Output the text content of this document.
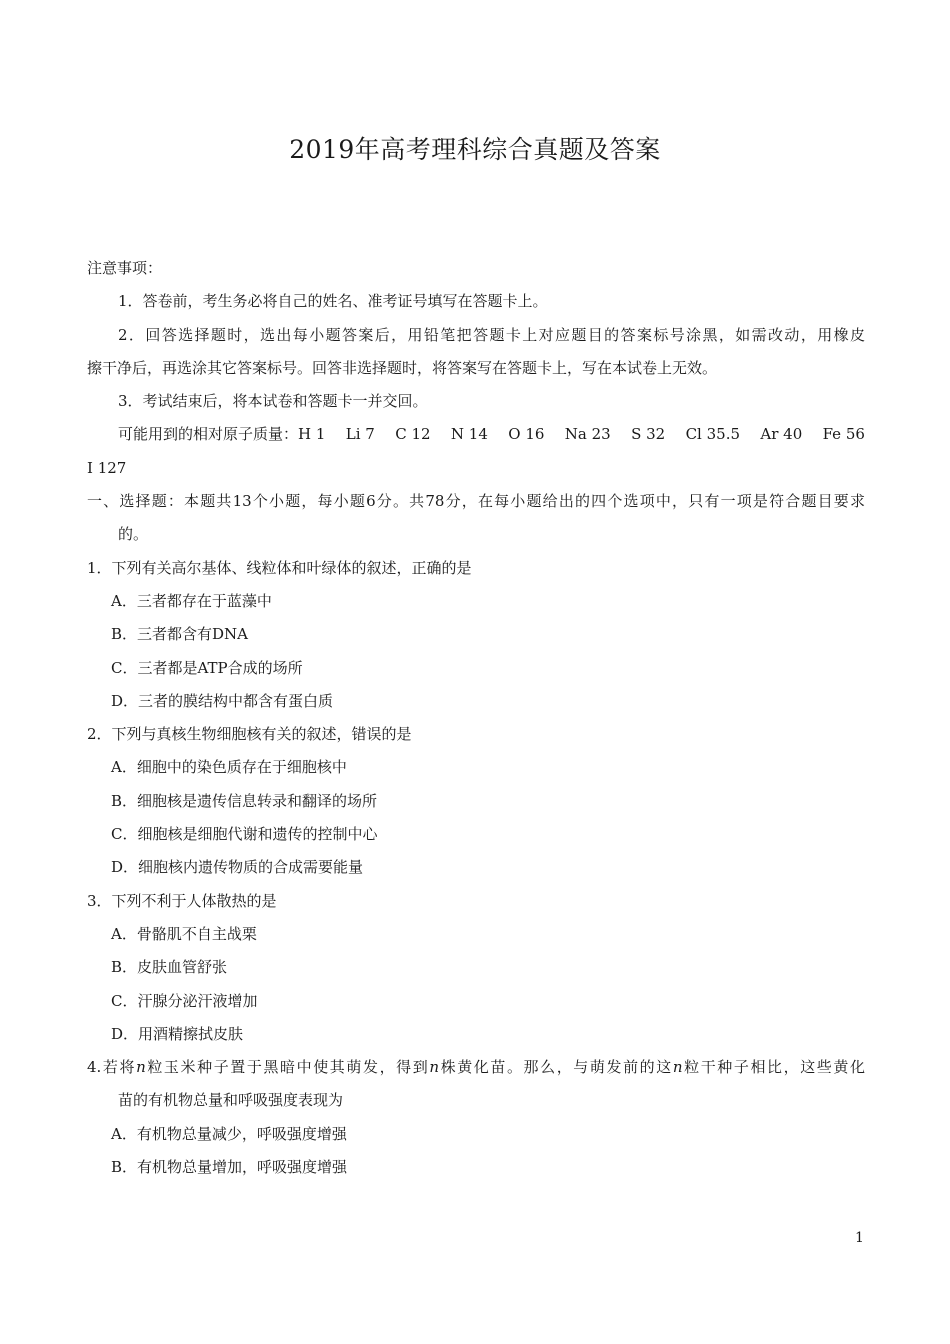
2019年高考理科综合真题及答案
注意事项：
1．答卷前，考生务必将自己的姓名、准考证号填写在答题卡上。
2．回答选择题时，选出每小题答案后，用铅笔把答题卡上对应题目的答案标号涂黑，如需改动，用橡皮
擦干净后，再选涂其它答案标号。回答非选择题时，将答案写在答题卡上，写在本试卷上无效。
3．考试结束后，将本试卷和答题卡一并交回。
可能用到的相对原子质量：H 1 Li 7 C 12 N 14 O 16 Na 23 S 32 Cl 35.5 Ar 40 Fe 56
I 127
一、选择题：本题共13个小题，每小题6分。共78分，在每小题给出的四个选项中，只有一项是符合题目要求
的。
1．下列有关高尔基体、线粒体和叶绿体的叙述，正确的是
A．三者都存在于蓝藻中
B．三者都含有DNA
C．三者都是ATP合成的场所
D．三者的膜结构中都含有蛋白质
2．下列与真核生物细胞核有关的叙述，错误的是
A．细胞中的染色质存在于细胞核中
B．细胞核是遗传信息转录和翻译的场所
C．细胞核是细胞代谢和遗传的控制中心
D．细胞核内遗传物质的合成需要能量
3．下列不利于人体散热的是
A．骨骼肌不自主战栗
B．皮肤血管舒张
C．汗腺分泌汗液增加
D．用酒精擦拭皮肤
4.若将n粒玉米种子置于黑暗中使其萌发，得到n株黄化苗。那么，与萌发前的这n粒干种子相比，这些黄化
苗的有机物总量和呼吸强度表现为
A．有机物总量减少，呼吸强度增强
B．有机物总量增加，呼吸强度增强
1
